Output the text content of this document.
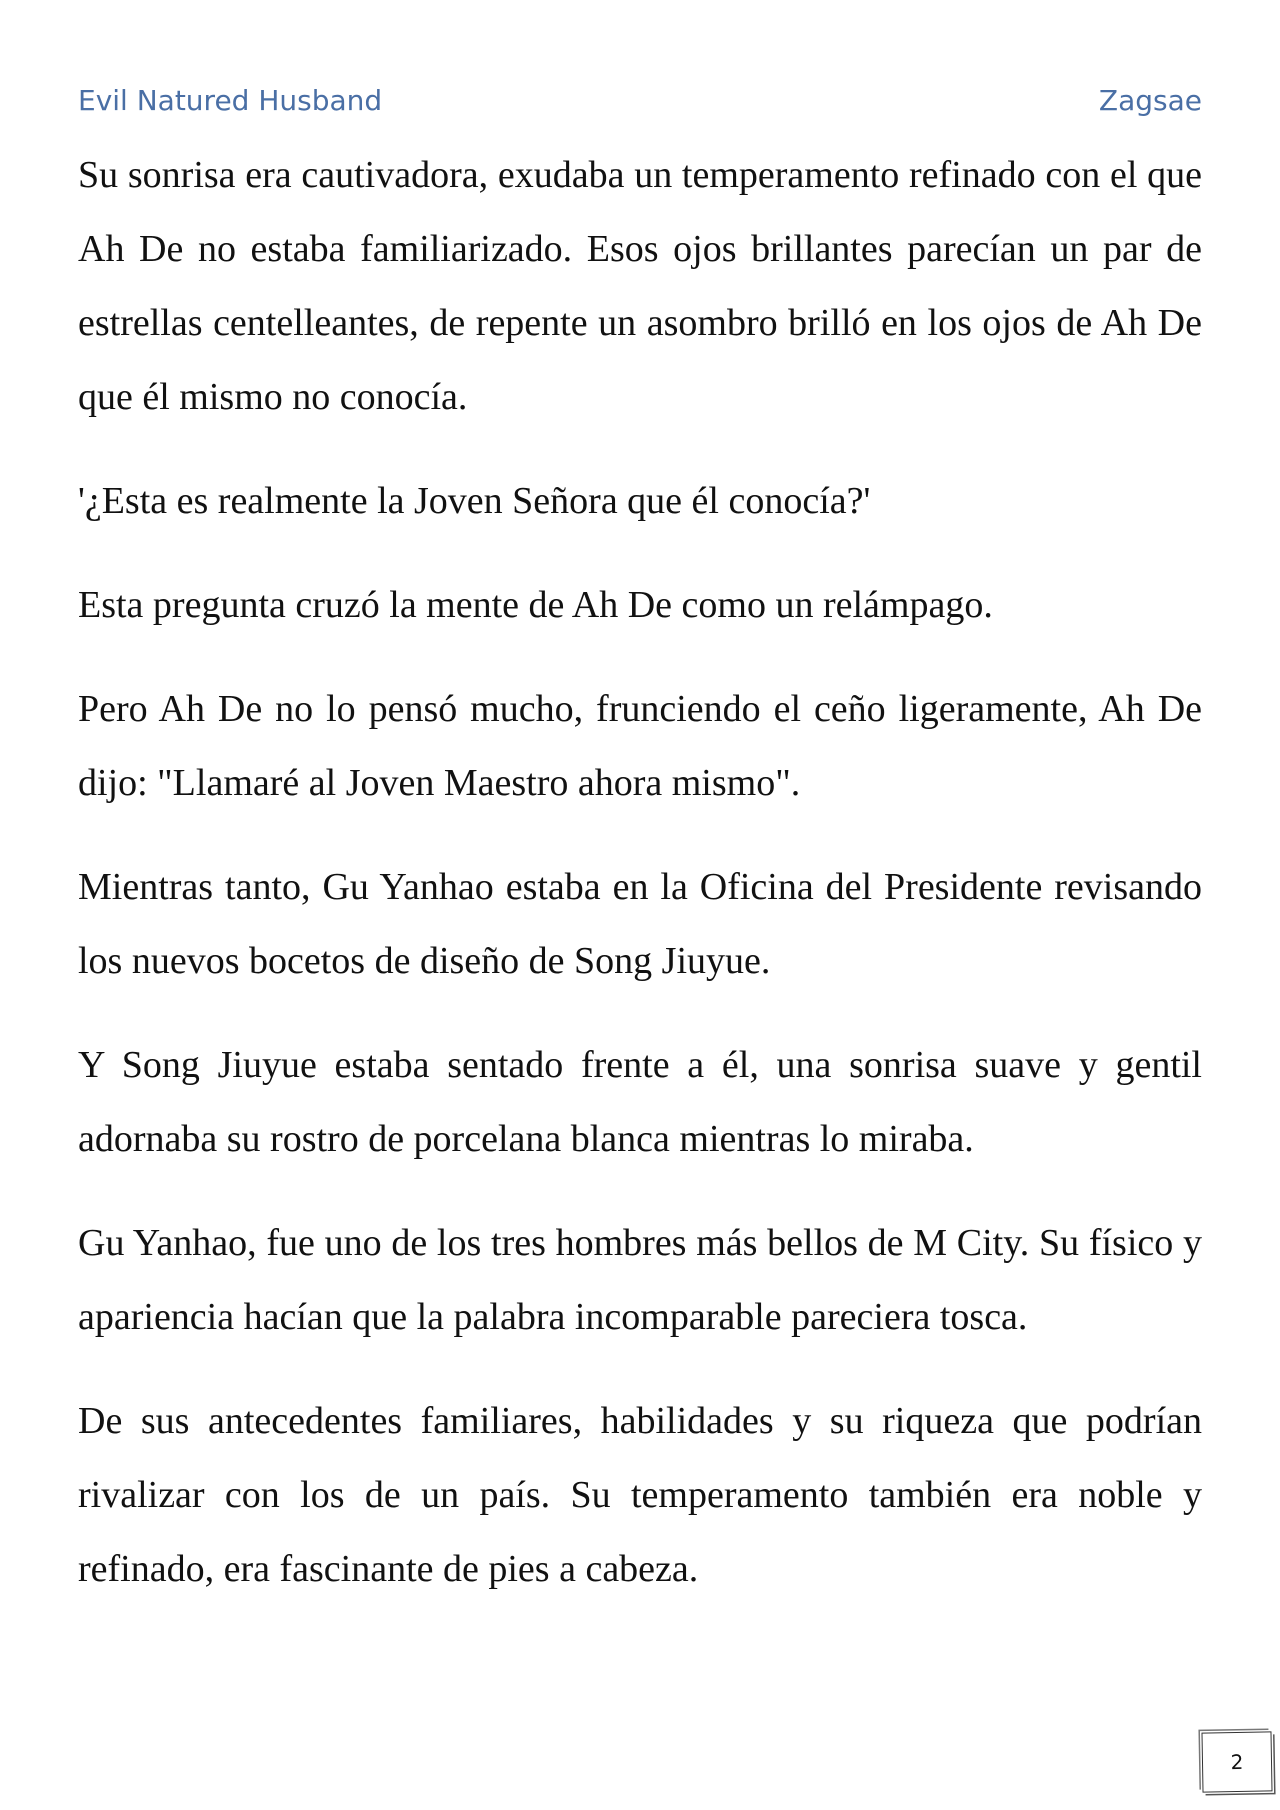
Evil Natured Husband	Zagsae

Su sonrisa era cautivadora, exudaba un temperamento refinado con el que Ah De no estaba familiarizado. Esos ojos brillantes parecían un par de estrellas centelleantes, de repente un asombro brilló en los ojos de Ah De que él mismo no conocía.

'¿Esta es realmente la Joven Señora que él conocía?'

Esta pregunta cruzó la mente de Ah De como un relámpago.

Pero Ah De no lo pensó mucho, frunciendo el ceño ligeramente, Ah De dijo: "Llamaré al Joven Maestro ahora mismo".

Mientras tanto, Gu Yanhao estaba en la Oficina del Presidente revisando los nuevos bocetos de diseño de Song Jiuyue.

Y Song Jiuyue estaba sentado frente a él, una sonrisa suave y gentil adornaba su rostro de porcelana blanca mientras lo miraba.

Gu Yanhao, fue uno de los tres hombres más bellos de M City. Su físico y apariencia hacían que la palabra incomparable pareciera tosca.

De sus antecedentes familiares, habilidades y su riqueza que podrían rivalizar con los de un país. Su temperamento también era noble y refinado, era fascinante de pies a cabeza.

2
